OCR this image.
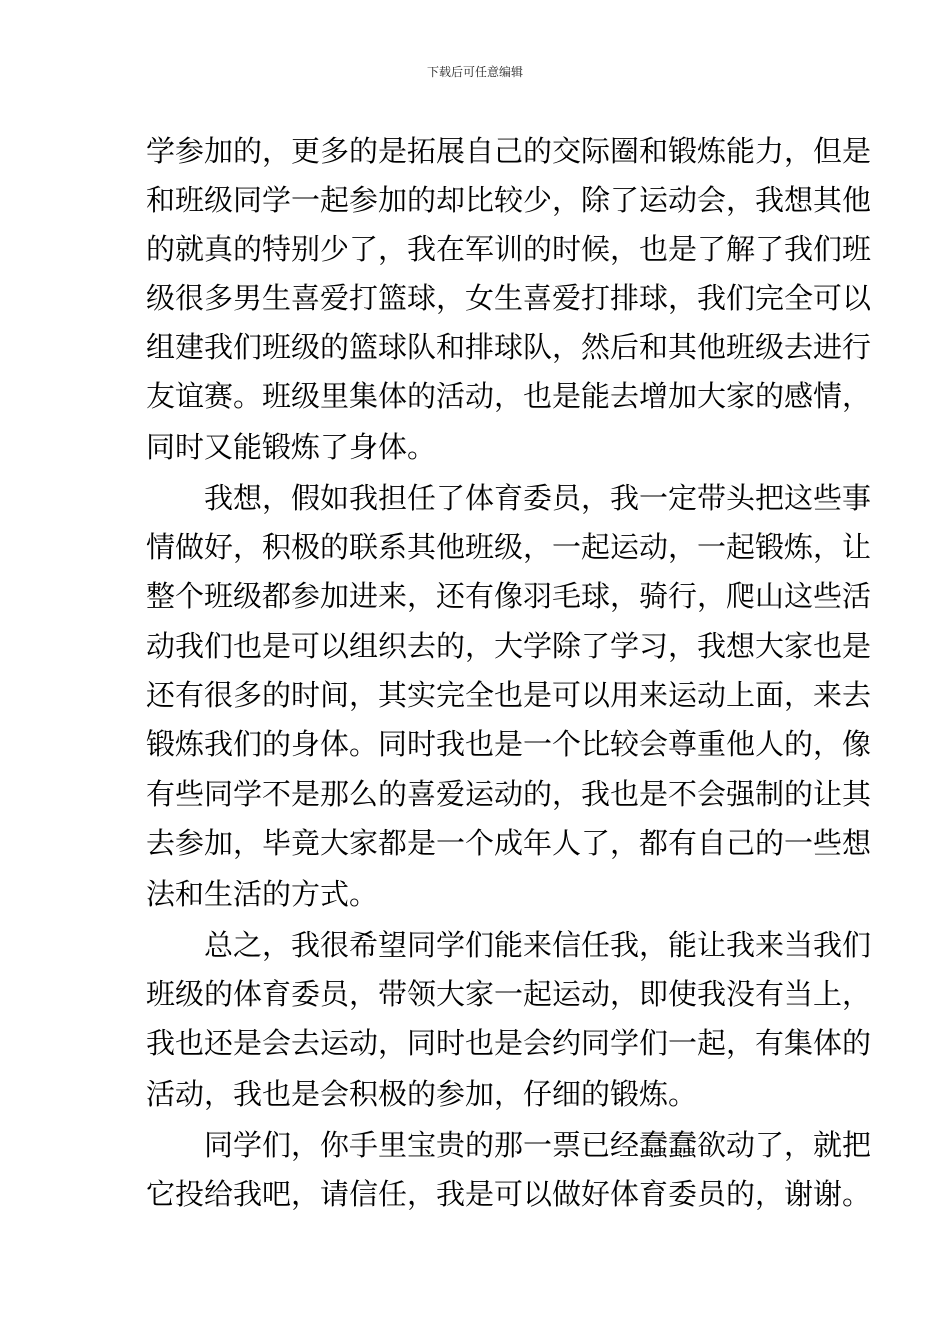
下载后可任意编辑
学参加的，更多的是拓展自己的交际圈和锻炼能力，但是
和班级同学一起参加的却比较少，除了运动会，我想其他
的就真的特别少了，我在军训的时候，也是了解了我们班
级很多男生喜爱打篮球，女生喜爱打排球，我们完全可以
组建我们班级的篮球队和排球队，然后和其他班级去进行
友谊赛。班级里集体的活动，也是能去增加大家的感情，
同时又能锻炼了身体。
我想，假如我担任了体育委员，我一定带头把这些事
情做好，积极的联系其他班级，一起运动，一起锻炼，让
整个班级都参加进来，还有像羽毛球，骑行，爬山这些活
动我们也是可以组织去的，大学除了学习，我想大家也是
还有很多的时间，其实完全也是可以用来运动上面，来去
锻炼我们的身体。同时我也是一个比较会尊重他人的，像
有些同学不是那么的喜爱运动的，我也是不会强制的让其
去参加，毕竟大家都是一个成年人了，都有自己的一些想
法和生活的方式。
总之，我很希望同学们能来信任我，能让我来当我们
班级的体育委员，带领大家一起运动，即使我没有当上，
我也还是会去运动，同时也是会约同学们一起，有集体的
活动，我也是会积极的参加，仔细的锻炼。
同学们，你手里宝贵的那一票已经蠢蠢欲动了，就把
它投给我吧，请信任，我是可以做好体育委员的，谢谢。
